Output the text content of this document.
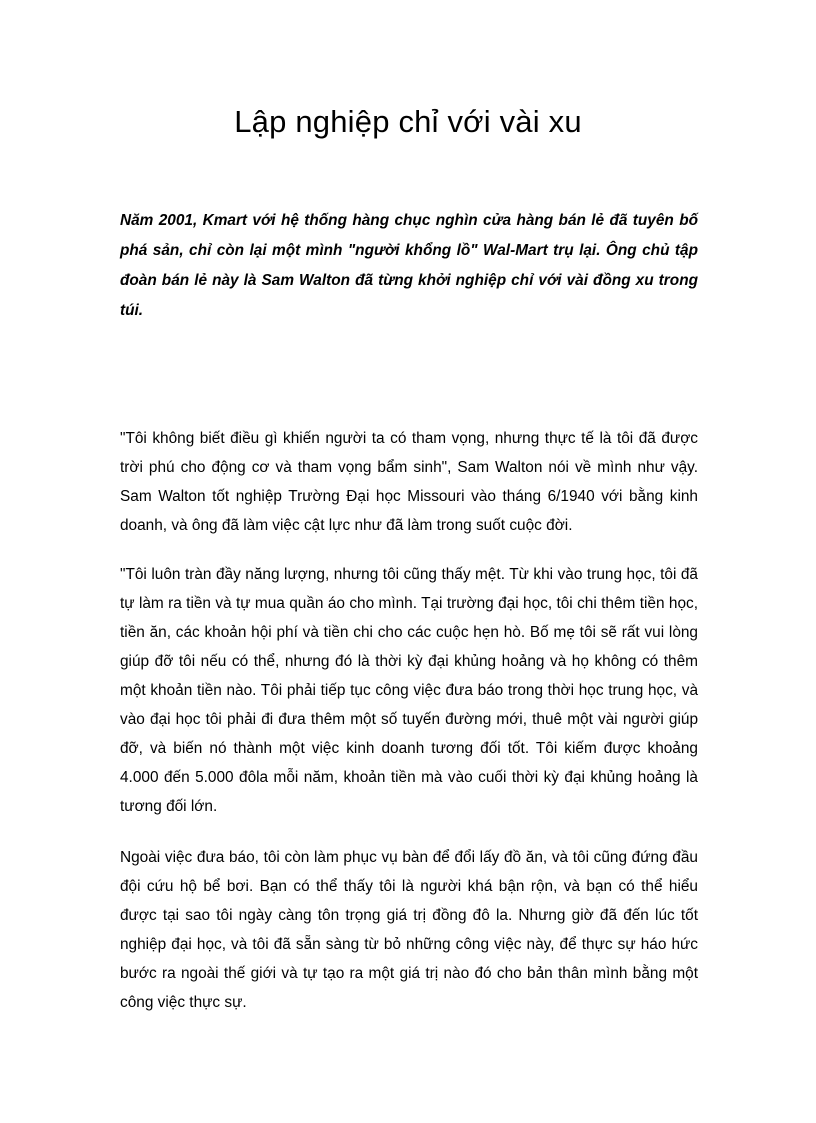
Lập nghiệp chỉ với vài xu

Năm 2001, Kmart với hệ thống hàng chục nghìn cửa hàng bán lẻ đã tuyên bố phá sản, chỉ còn lại một mình "người khổng lồ" Wal-Mart trụ lại. Ông chủ tập đoàn bán lẻ này là Sam Walton đã từng khởi nghiệp chỉ với vài đồng xu trong túi.

"Tôi không biết điều gì khiến người ta có tham vọng, nhưng thực tế là tôi đã được trời phú cho động cơ và tham vọng bẩm sinh", Sam Walton nói về mình như vậy. Sam Walton tốt nghiệp Trường Đại học Missouri vào tháng 6/1940 với bằng kinh doanh, và ông đã làm việc cật lực như đã làm trong suốt cuộc đời.

"Tôi luôn tràn đầy năng lượng, nhưng tôi cũng thấy mệt. Từ khi vào trung học, tôi đã tự làm ra tiền và tự mua quần áo cho mình. Tại trường đại học, tôi chi thêm tiền học, tiền ăn, các khoản hội phí và tiền chi cho các cuộc hẹn hò. Bố mẹ tôi sẽ rất vui lòng giúp đỡ tôi nếu có thể, nhưng đó là thời kỳ đại khủng hoảng và họ không có thêm một khoản tiền nào. Tôi phải tiếp tục công việc đưa báo trong thời học trung học, và vào đại học tôi phải đi đưa thêm một số tuyến đường mới, thuê một vài người giúp đỡ, và biến nó thành một việc kinh doanh tương đối tốt. Tôi kiếm được khoảng 4.000 đến 5.000 đôla mỗi năm, khoản tiền mà vào cuối thời kỳ đại khủng hoảng là tương đối lớn.

Ngoài việc đưa báo, tôi còn làm phục vụ bàn để đổi lấy đồ ăn, và tôi cũng đứng đầu đội cứu hộ bể bơi. Bạn có thể thấy tôi là người khá bận rộn, và bạn có thể hiểu được tại sao tôi ngày càng tôn trọng giá trị đồng đô la. Nhưng giờ đã đến lúc tốt nghiệp đại học, và tôi đã sẵn sàng từ bỏ những công việc này, để thực sự háo hức bước ra ngoài thế giới và tự tạo ra một giá trị nào đó cho bản thân mình bằng một công việc thực sự.
